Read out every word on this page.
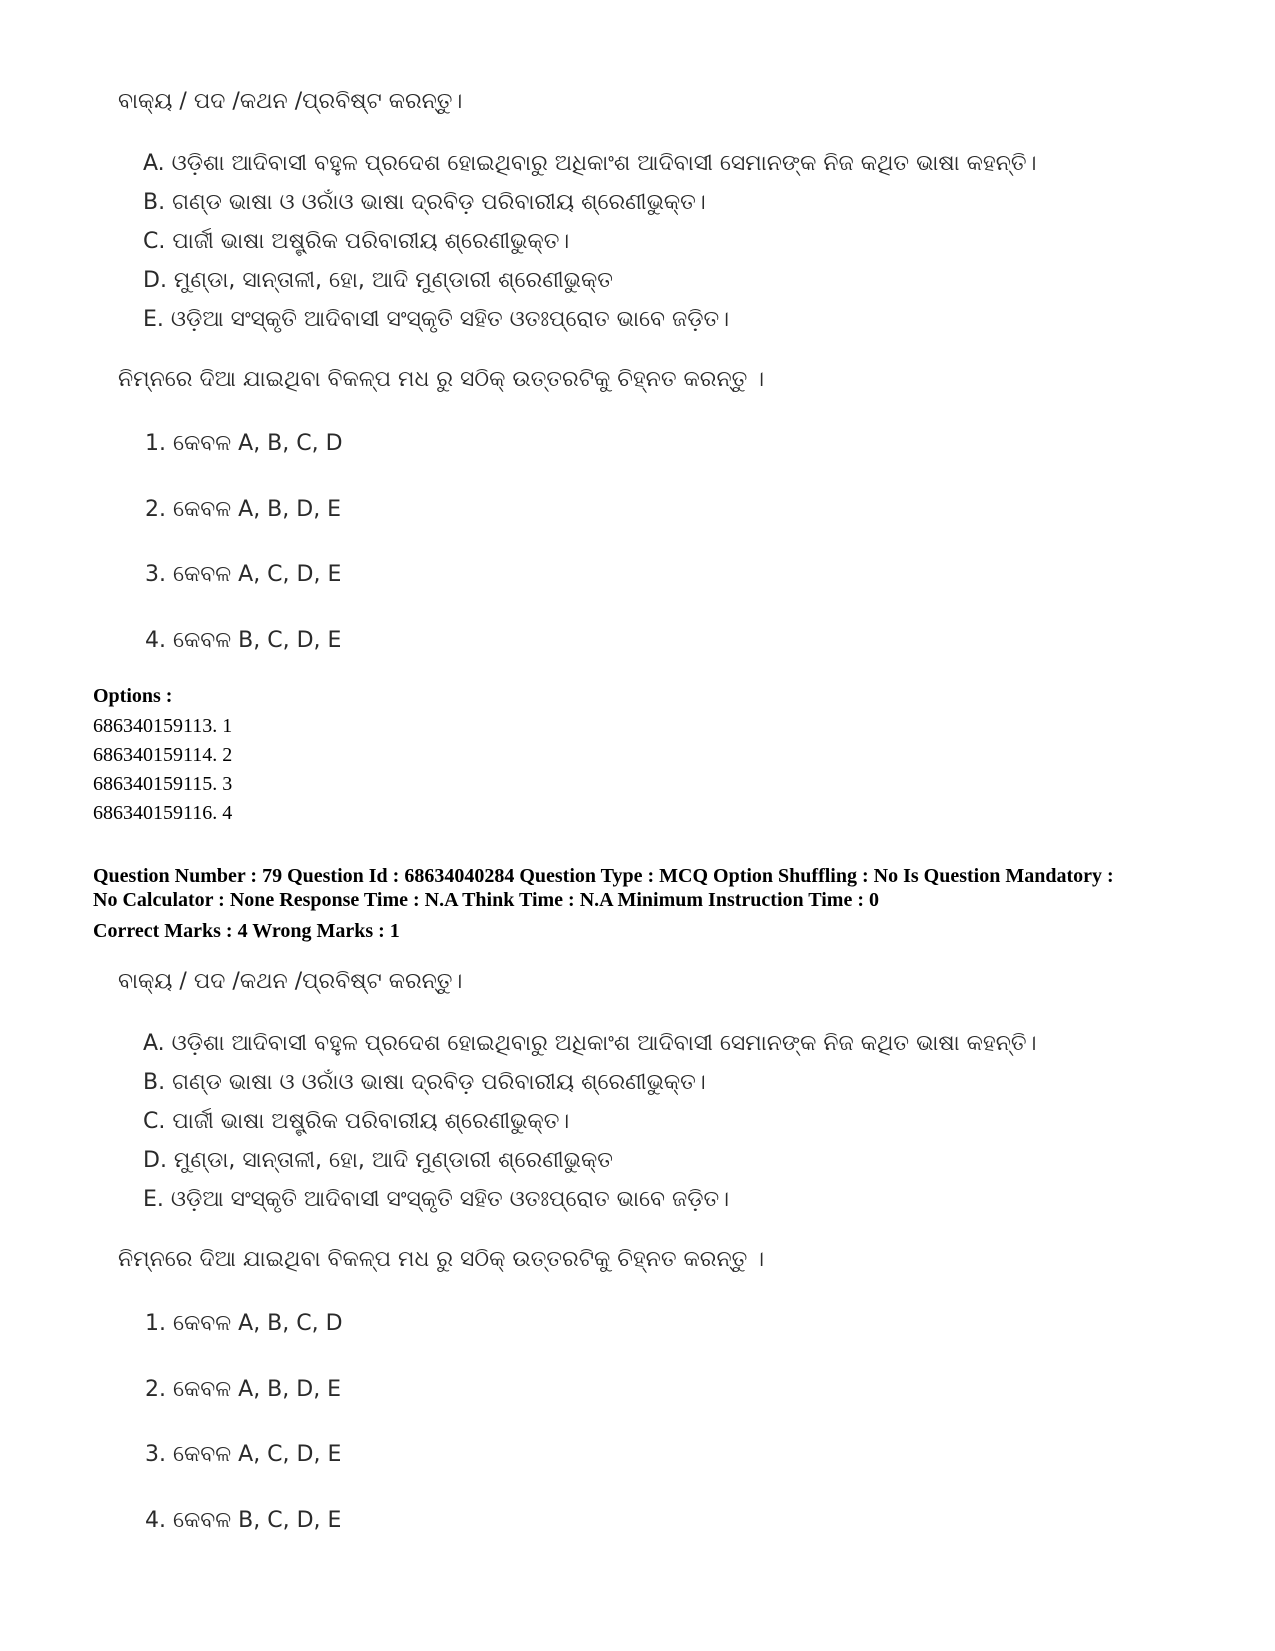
ବାକ୍ୟ / ପଦ /କଥନ /ପ୍ରବିଷ୍ଟ କରନ୍ତୁ।
A. ଓଡ଼ିଶା ଆଦିବାସୀ ବହୁଳ ପ୍ରଦେଶ ହୋଇଥିବାରୁ ଅଧିକାଂଶ ଆଦିବାସୀ ସେମାନଙ୍କ ନିଜ କଥିତ ଭାଷା କହନ୍ତି।
B. ଗଣ୍ଡ ଭାଷା ଓ ଓରାଁଓ ଭାଷା ଦ୍ରବିଡ଼ ପରିବାରୀୟ ଶ୍ରେଣୀଭୁକ୍ତ।
C. ପାର୍ଜୀ ଭାଷା ଅଷ୍ଟ୍ରିକ ପରିବାରୀୟ ଶ୍ରେଣୀଭୁକ୍ତ।
D. ମୁଣ୍ଡା, ସାନ୍ତାଳୀ, ହୋ, ଆଦି ମୁଣ୍ଡାରୀ ଶ୍ରେଣୀଭୁକ୍ତ
E. ଓଡ଼ିଆ ସଂସ୍କୃତି ଆଦିବାସୀ ସଂସ୍କୃତି ସହିତ ଓତଃପ୍ରୋତ ଭାବେ ଜଡ଼ିତ।
ନିମ୍ନରେ ଦିଆ ଯାଇଥିବା ବିକଳ୍ପ ମଧ ରୁ ସଠିକ୍ ଉତ୍ତରଟିକୁ ଚିହ୍ନତ କରନ୍ତୁ ।
1. କେବଳ A, B, C, D
2. କେବଳ A, B, D, E
3. କେବଳ A, C, D, E
4. କେବଳ B, C, D, E
Options :
686340159113. 1
686340159114. 2
686340159115. 3
686340159116. 4
Question Number : 79 Question Id : 68634040284 Question Type : MCQ Option Shuffling : No Is Question Mandatory :
No Calculator : None Response Time : N.A Think Time : N.A Minimum Instruction Time : 0
Correct Marks : 4 Wrong Marks : 1
ବାକ୍ୟ / ପଦ /କଥନ /ପ୍ରବିଷ୍ଟ କରନ୍ତୁ।
A. ଓଡ଼ିଶା ଆଦିବାସୀ ବହୁଳ ପ୍ରଦେଶ ହୋଇଥିବାରୁ ଅଧିକାଂଶ ଆଦିବାସୀ ସେମାନଙ୍କ ନିଜ କଥିତ ଭାଷା କହନ୍ତି।
B. ଗଣ୍ଡ ଭାଷା ଓ ଓରାଁଓ ଭାଷା ଦ୍ରବିଡ଼ ପରିବାରୀୟ ଶ୍ରେଣୀଭୁକ୍ତ।
C. ପାର୍ଜୀ ଭାଷା ଅଷ୍ଟ୍ରିକ ପରିବାରୀୟ ଶ୍ରେଣୀଭୁକ୍ତ।
D. ମୁଣ୍ଡା, ସାନ୍ତାଳୀ, ହୋ, ଆଦି ମୁଣ୍ଡାରୀ ଶ୍ରେଣୀଭୁକ୍ତ
E. ଓଡ଼ିଆ ସଂସ୍କୃତି ଆଦିବାସୀ ସଂସ୍କୃତି ସହିତ ଓତଃପ୍ରୋତ ଭାବେ ଜଡ଼ିତ।
ନିମ୍ନରେ ଦିଆ ଯାଇଥିବା ବିକଳ୍ପ ମଧ ରୁ ସଠିକ୍ ଉତ୍ତରଟିକୁ ଚିହ୍ନତ କରନ୍ତୁ ।
1. କେବଳ A, B, C, D
2. କେବଳ A, B, D, E
3. କେବଳ A, C, D, E
4. କେବଳ B, C, D, E
